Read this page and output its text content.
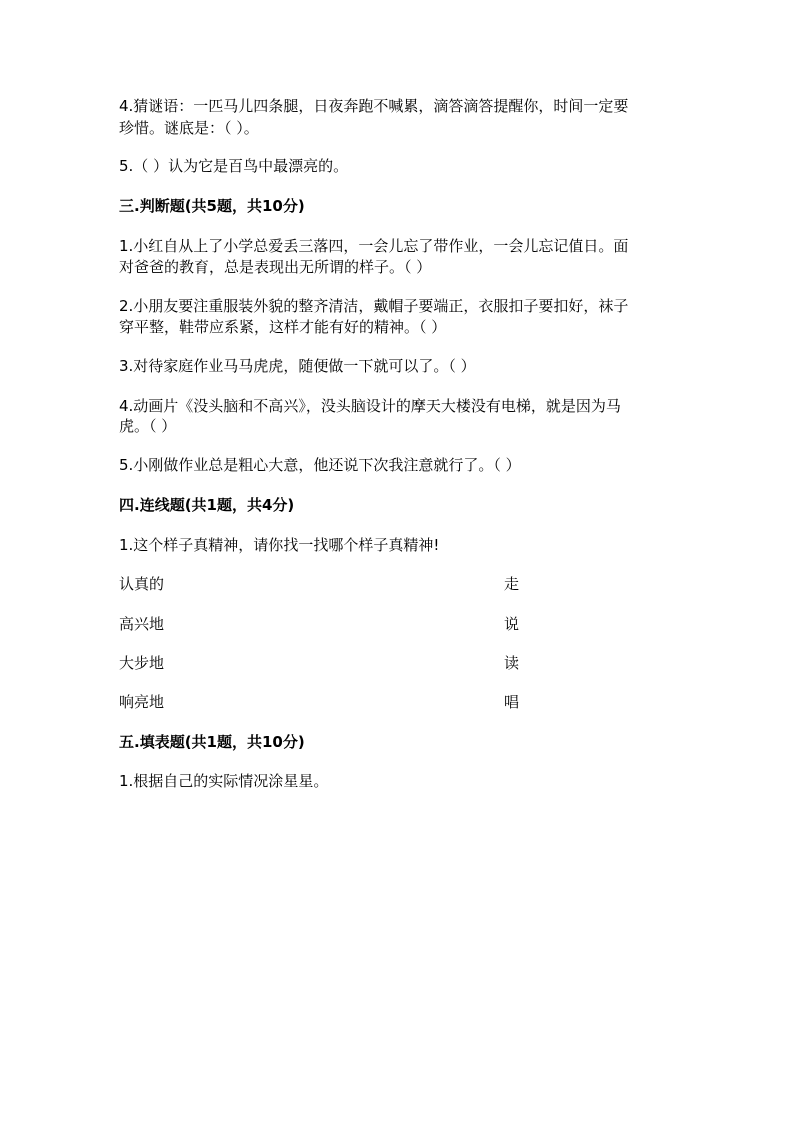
4.猜谜语：一匹马儿四条腿，日夜奔跑不喊累，滴答滴答提醒你，时间一定要
珍惜。谜底是：（ ）。
5.（ ）认为它是百鸟中最漂亮的。
三.判断题(共5题，共10分)
1.小红自从上了小学总爱丢三落四，一会儿忘了带作业，一会儿忘记值日。面
对爸爸的教育，总是表现出无所谓的样子。（ ）
2.小朋友要注重服装外貌的整齐清洁，戴帽子要端正，衣服扣子要扣好，袜子
穿平整，鞋带应系紧，这样才能有好的精神。（ ）
3.对待家庭作业马马虎虎，随便做一下就可以了。（ ）
4.动画片《没头脑和不高兴》，没头脑设计的摩天大楼没有电梯，就是因为马
虎。（ ）
5.小刚做作业总是粗心大意，他还说下次我注意就行了。（ ）
四.连线题(共1题，共4分)
1.这个样子真精神，请你找一找哪个样子真精神!
认真的	走
高兴地	说
大步地	读
响亮地	唱
五.填表题(共1题，共10分)
1.根据自己的实际情况涂星星。
